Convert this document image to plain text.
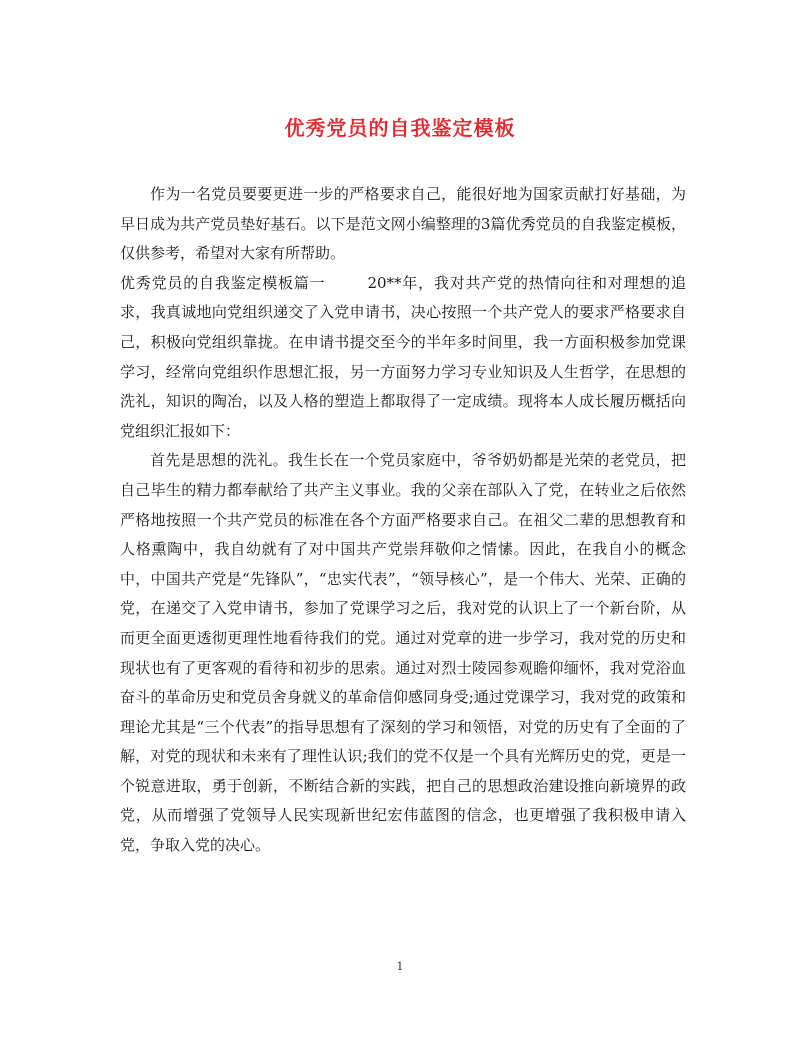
优秀党员的自我鉴定模板

作为一名党员要要更进一步的严格要求自己，能很好地为国家贡献打好基础，为早日成为共产党员垫好基石。以下是范文网小编整理的3篇优秀党员的自我鉴定模板，仅供参考，希望对大家有所帮助。

优秀党员的自我鉴定模板篇一	20**年，我对共产党的热情向往和对理想的追求，我真诚地向党组织递交了入党申请书，决心按照一个共产党人的要求严格要求自己，积极向党组织靠拢。在申请书提交至今的半年多时间里，我一方面积极参加党课学习，经常向党组织作思想汇报，另一方面努力学习专业知识及人生哲学，在思想的洗礼，知识的陶冶，以及人格的塑造上都取得了一定成绩。现将本人成长履历概括向党组织汇报如下：

首先是思想的洗礼。我生长在一个党员家庭中，爷爷奶奶都是光荣的老党员，把自己毕生的精力都奉献给了共产主义事业。我的父亲在部队入了党，在转业之后依然严格地按照一个共产党员的标准在各个方面严格要求自己。在祖父二辈的思想教育和人格熏陶中，我自幼就有了对中国共产党崇拜敬仰之情愫。因此，在我自小的概念中，中国共产党是“先锋队”，“忠实代表”，“领导核心”，是一个伟大、光荣、正确的党，在递交了入党申请书，参加了党课学习之后，我对党的认识上了一个新台阶，从而更全面更透彻更理性地看待我们的党。通过对党章的进一步学习，我对党的历史和现状也有了更客观的看待和初步的思索。通过对烈士陵园参观瞻仰缅怀，我对党浴血奋斗的革命历史和党员舍身就义的革命信仰感同身受;通过党课学习，我对党的政策和理论尤其是“三个代表”的指导思想有了深刻的学习和领悟，对党的历史有了全面的了解，对党的现状和未来有了理性认识;我们的党不仅是一个具有光辉历史的党，更是一个锐意进取，勇于创新，不断结合新的实践，把自己的思想政治建设推向新境界的政党，从而增强了党领导人民实现新世纪宏伟蓝图的信念，也更增强了我积极申请入党，争取入党的决心。

1
